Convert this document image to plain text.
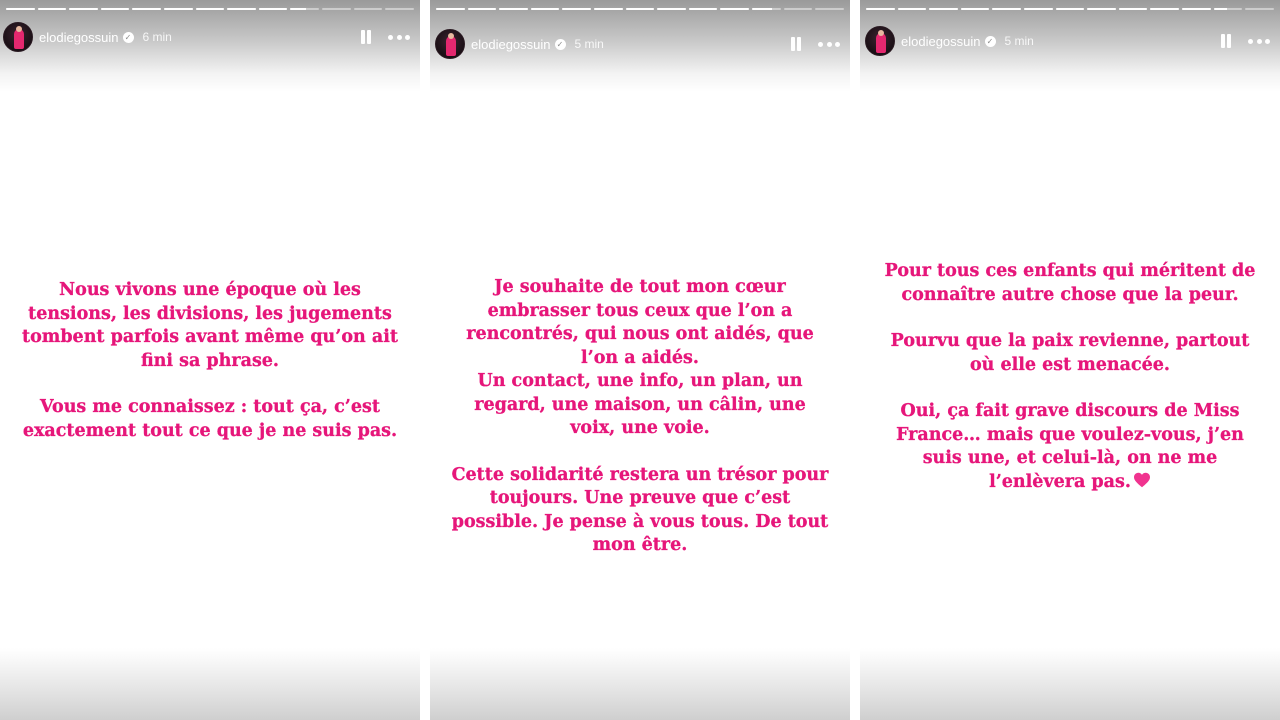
elodiegossuin ✓ 6 min

Nous vivons une époque où les tensions, les divisions, les jugements tombent parfois avant même qu’on ait fini sa phrase.

Vous me connaissez : tout ça, c’est exactement tout ce que je ne suis pas.

elodiegossuin ✓ 5 min

Je souhaite de tout mon cœur embrasser tous ceux que l’on a rencontrés, qui nous ont aidés, que l’on a aidés.

Un contact, une info, un plan, un regard, une maison, un câlin, une voix, une voie.

Cette solidarité restera un trésor pour toujours. Une preuve que c’est possible. Je pense à vous tous. De tout mon être.

elodiegossuin ✓ 5 min

Pour tous ces enfants qui méritent de connaître autre chose que la peur.

Pourvu que la paix revienne, partout où elle est menacée.

Oui, ça fait grave discours de Miss France… mais que voulez-vous, j’en suis une, et celui-là, on ne me l’enlèvera pas.
